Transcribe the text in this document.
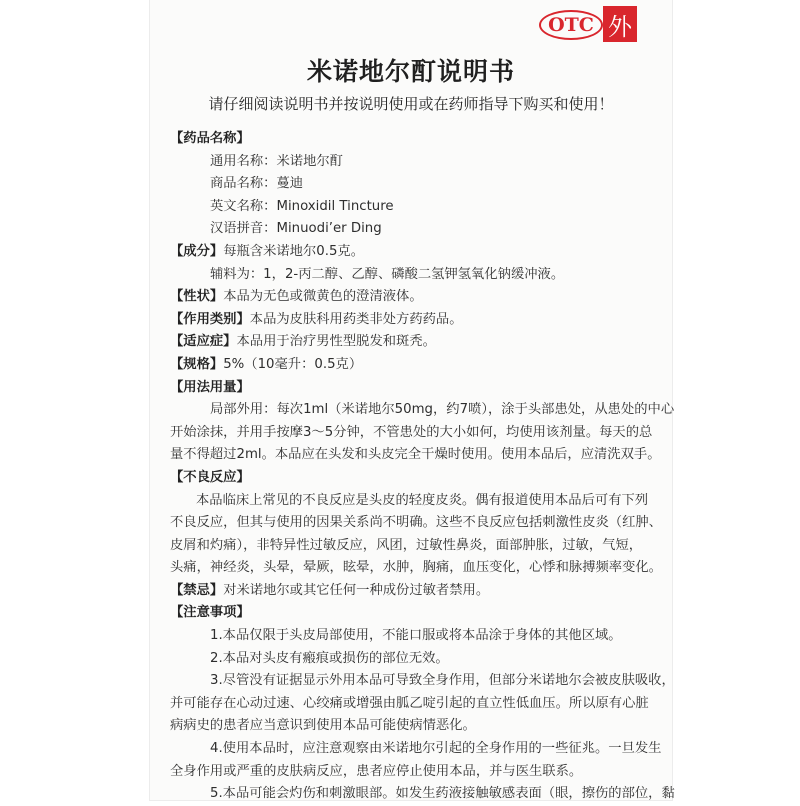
OTC 外
米诺地尔酊说明书
请仔细阅读说明书并按说明使用或在药师指导下购买和使用！
【药品名称】
通用名称：米诺地尔酊
商品名称：蔓迪
英文名称：Minoxidil Tincture
汉语拼音：Minuodi’er Ding
【成分】每瓶含米诺地尔0.5克。
辅料为：1，2-丙二醇、乙醇、磷酸二氢钾氢氧化钠缓冲液。
【性状】本品为无色或微黄色的澄清液体。
【作用类别】本品为皮肤科用药类非处方药药品。
【适应症】本品用于治疗男性型脱发和斑秃。
【规格】5%（10毫升：0.5克）
【用法用量】
局部外用：每次1ml（米诺地尔50mg，约7喷），涂于头部患处，从患处的中心
开始涂抹，并用手按摩3～5分钟，不管患处的大小如何，均使用该剂量。每天的总
量不得超过2ml。本品应在头发和头皮完全干燥时使用。使用本品后，应清洗双手。
【不良反应】
本品临床上常见的不良反应是头皮的轻度皮炎。偶有报道使用本品后可有下列
不良反应，但其与使用的因果关系尚不明确。这些不良反应包括刺激性皮炎（红肿、
皮屑和灼痛），非特异性过敏反应，风团，过敏性鼻炎，面部肿胀，过敏，气短，
头痛，神经炎，头晕，晕厥，眩晕，水肿，胸痛，血压变化，心悸和脉搏频率变化。
【禁忌】对米诺地尔或其它任何一种成份过敏者禁用。
【注意事项】
1.本品仅限于头皮局部使用，不能口服或将本品涂于身体的其他区域。
2.本品对头皮有瘢痕或损伤的部位无效。
3.尽管没有证据显示外用本品可导致全身作用，但部分米诺地尔会被皮肤吸收，
并可能存在心动过速、心绞痛或增强由胍乙啶引起的直立性低血压。所以原有心脏
病病史的患者应当意识到使用本品可能使病情恶化。
4.使用本品时，应注意观察由米诺地尔引起的全身作用的一些征兆。一旦发生
全身作用或严重的皮肤病反应，患者应停止使用本品，并与医生联系。
5.本品可能会灼伤和刺激眼部。如发生药液接触敏感表面（眼，擦伤的部位，黏
